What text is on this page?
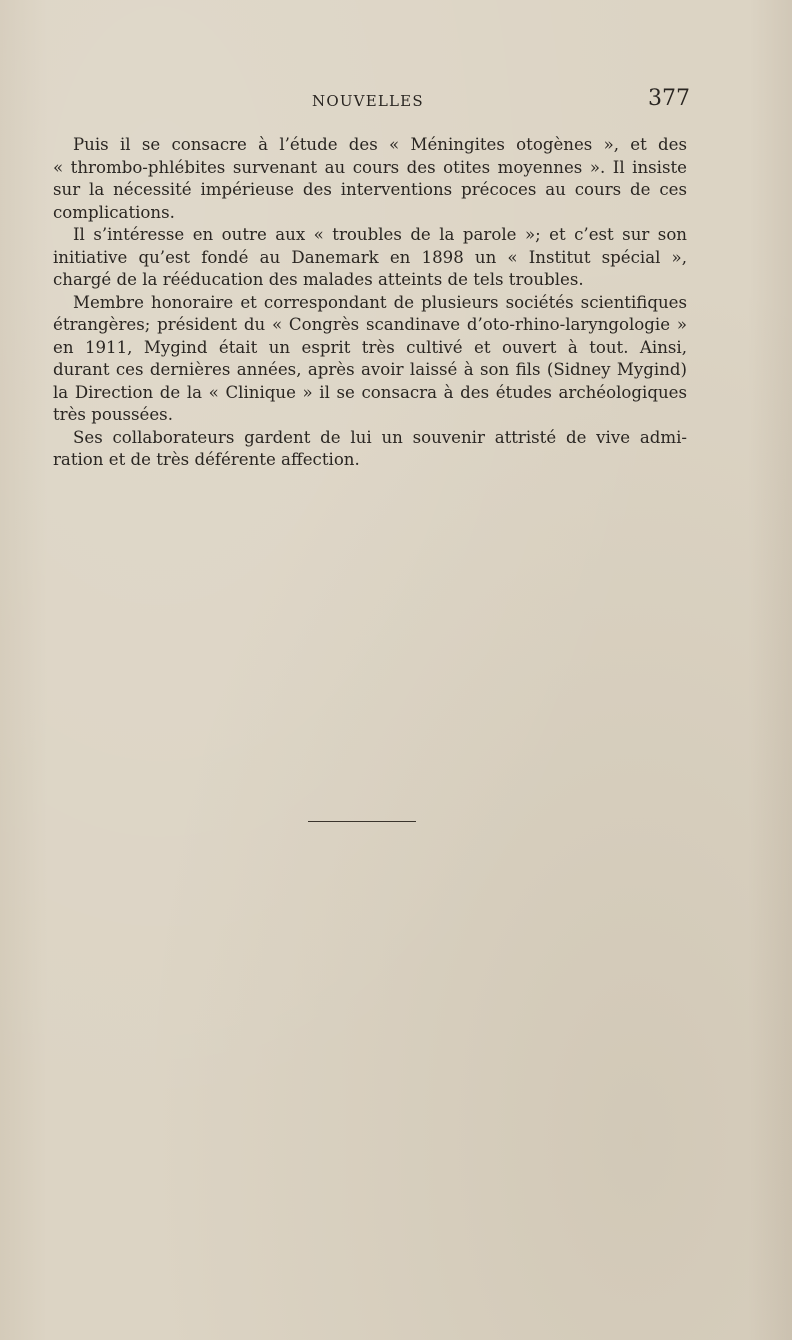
NOUVELLES	377
Puis il se consacre à l’étude des « Méningites otogènes », et des
« thrombo-phlébites survenant au cours des otites moyennes ». Il insiste
sur la nécessité impérieuse des interventions précoces au cours de ces
complications.
Il s’intéresse en outre aux « troubles de la parole »; et c’est sur son
initiative qu’est fondé au Danemark en 1898 un « Institut spécial »,
chargé de la rééducation des malades atteints de tels troubles.
Membre honoraire et correspondant de plusieurs sociétés scientifiques
étrangères; président du « Congrès scandinave d’oto-rhino-laryngologie »
en 1911, Mygind était un esprit très cultivé et ouvert à tout. Ainsi,
durant ces dernières années, après avoir laissé à son fils (Sidney Mygind)
la Direction de la « Clinique » il se consacra à des études archéologiques
très poussées.
Ses collaborateurs gardent de lui un souvenir attristé de vive admi-
ration et de très déférente affection.
